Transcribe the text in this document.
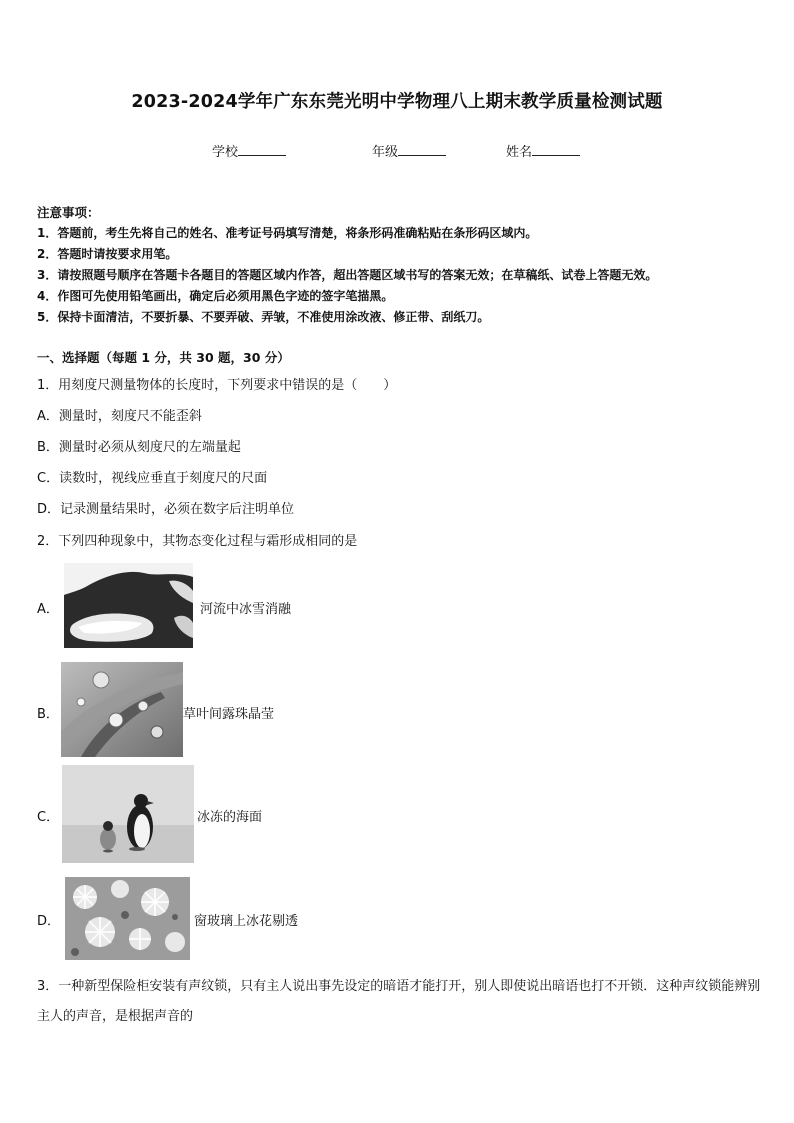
2023-2024学年广东东莞光明中学物理八上期末教学质量检测试题
学校	年级	姓名
注意事项：
1．答题前，考生先将自己的姓名、准考证号码填写清楚，将条形码准确粘贴在条形码区域内。
2．答题时请按要求用笔。
3．请按照题号顺序在答题卡各题目的答题区域内作答，超出答题区域书写的答案无效；在草稿纸、试卷上答题无效。
4．作图可先使用铅笔画出，确定后必须用黑色字迹的签字笔描黑。
5．保持卡面清洁，不要折暴、不要弄破、弄皱，不准使用涂改液、修正带、刮纸刀。
一、选择题（每题 1 分，共 30 题，30 分）
1．用刻度尺测量物体的长度时，下列要求中错误的是（　　）
A．测量时，刻度尺不能歪斜
B．测量时必须从刻度尺的左端量起
C．读数时，视线应垂直于刻度尺的尺面
D．记录测量结果时，必须在数字后注明单位
2．下列四种现象中，其物态变化过程与霜形成相同的是
A．	河流中冰雪消融
B．	草叶间露珠晶莹
C．	冰冻的海面
D．	窗玻璃上冰花剔透
3．一种新型保险柜安装有声纹锁，只有主人说出事先设定的暗语才能打开，别人即使说出暗语也打不开锁．这种声纹锁能辨别主人的声音，是根据声音的
